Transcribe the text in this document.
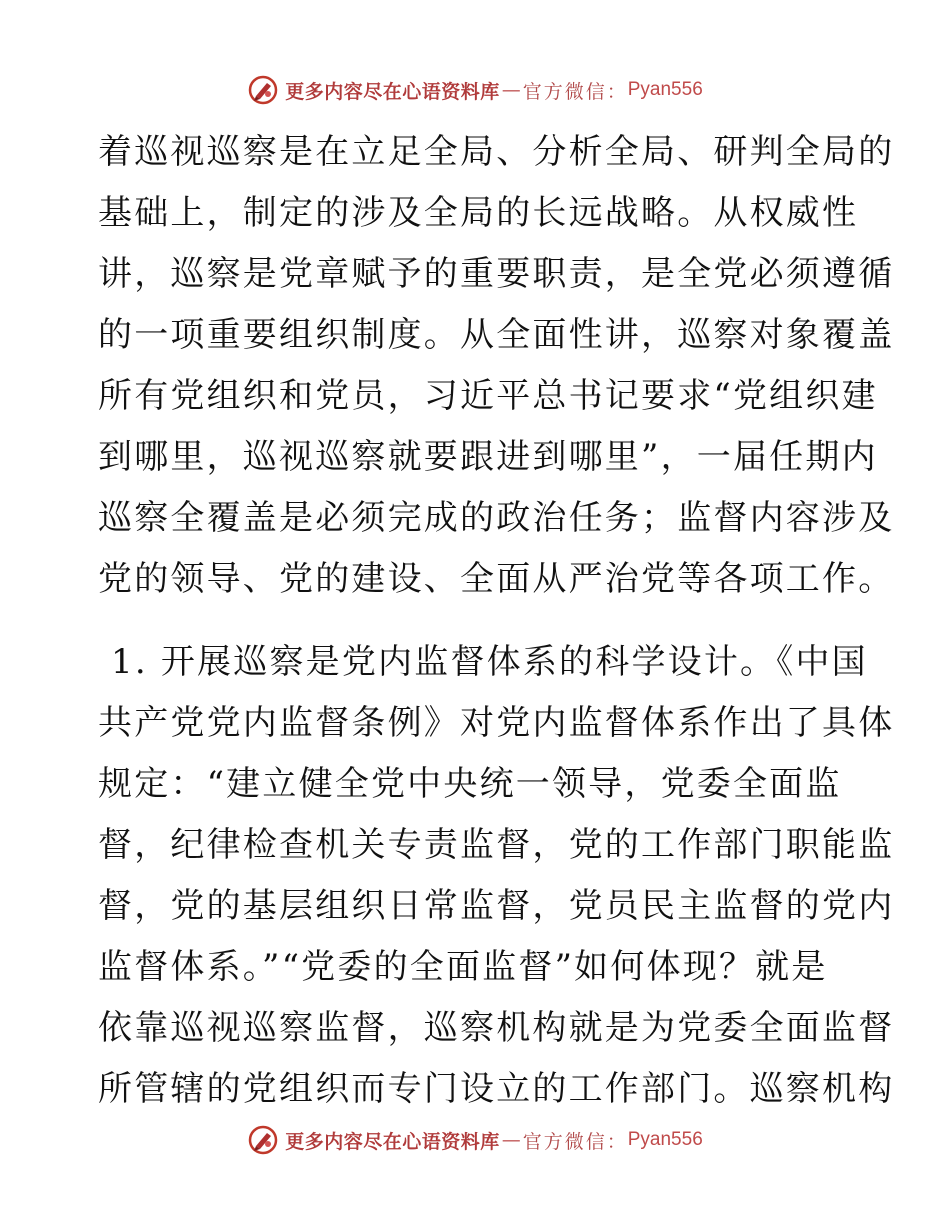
更多内容尽在心语资料库 — 官方微信： Pyan556
着巡视巡察是在立足全局、分析全局、研判全局的
基础上，制定的涉及全局的长远战略。从权威性
讲，巡察是党章赋予的重要职责，是全党必须遵循
的一项重要组织制度。从全面性讲，巡察对象覆盖
所有党组织和党员，习近平总书记要求“党组织建
到哪里，巡视巡察就要跟进到哪里”，一届任期内
巡察全覆盖是必须完成的政治任务；监督内容涉及
党的领导、党的建设、全面从严治党等各项工作。
1. 开展巡察是党内监督体系的科学设计。《中国
共产党党内监督条例》对党内监督体系作出了具体
规定：“建立健全党中央统一领导，党委全面监
督，纪律检查机关专责监督，党的工作部门职能监
督，党的基层组织日常监督，党员民主监督的党内
监督体系。”“党委的全面监督”如何体现？就是
依靠巡视巡察监督，巡察机构就是为党委全面监督
所管辖的党组织而专门设立的工作部门。巡察机构
更多内容尽在心语资料库 — 官方微信： Pyan556
